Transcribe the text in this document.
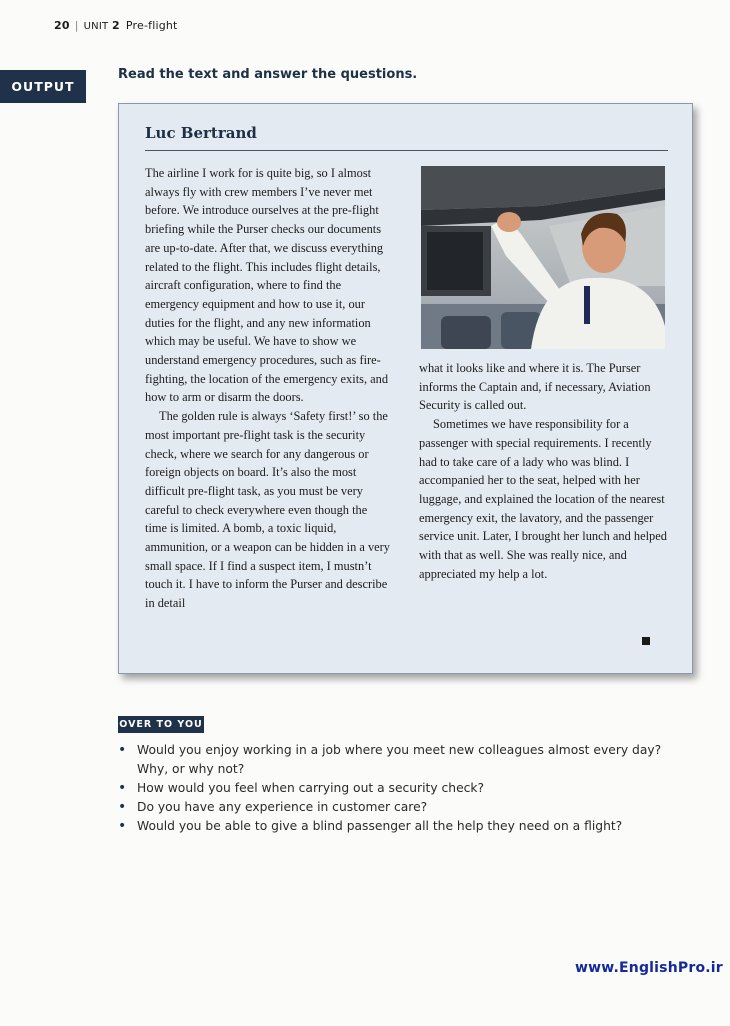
20 | UNIT 2 Pre-flight
OUTPUT
Read the text and answer the questions.
Luc Bertrand

The airline I work for is quite big, so I almost always fly with crew members I’ve never met before. We introduce ourselves at the pre-flight briefing while the Purser checks our documents are up-to-date. After that, we discuss everything related to the flight. This includes flight details, aircraft configuration, where to find the emergency equipment and how to use it, our duties for the flight, and any new information which may be useful. We have to show we understand emergency procedures, such as fire-fighting, the location of the emergency exits, and how to arm or disarm the doors.

The golden rule is always ‘Safety first!’ so the most important pre-flight task is the security check, where we search for any dangerous or foreign objects on board. It’s also the most difficult pre-flight task, as you must be very careful to check everywhere even though the time is limited. A bomb, a toxic liquid, ammunition, or a weapon can be hidden in a very small space. If I find a suspect item, I mustn’t touch it. I have to inform the Purser and describe in detail

what it looks like and where it is. The Purser informs the Captain and, if necessary, Aviation Security is called out.

Sometimes we have responsibility for a passenger with special requirements. I recently had to take care of a lady who was blind. I accompanied her to the seat, helped with her luggage, and explained the location of the nearest emergency exit, the lavatory, and the passenger service unit. Later, I brought her lunch and helped with that as well. She was really nice, and appreciated my help a lot.

OVER TO YOU
• Would you enjoy working in a job where you meet new colleagues almost every day? Why, or why not?
• How would you feel when carrying out a security check?
• Do you have any experience in customer care?
• Would you be able to give a blind passenger all the help they need on a flight?
www.EnglishPro.ir
